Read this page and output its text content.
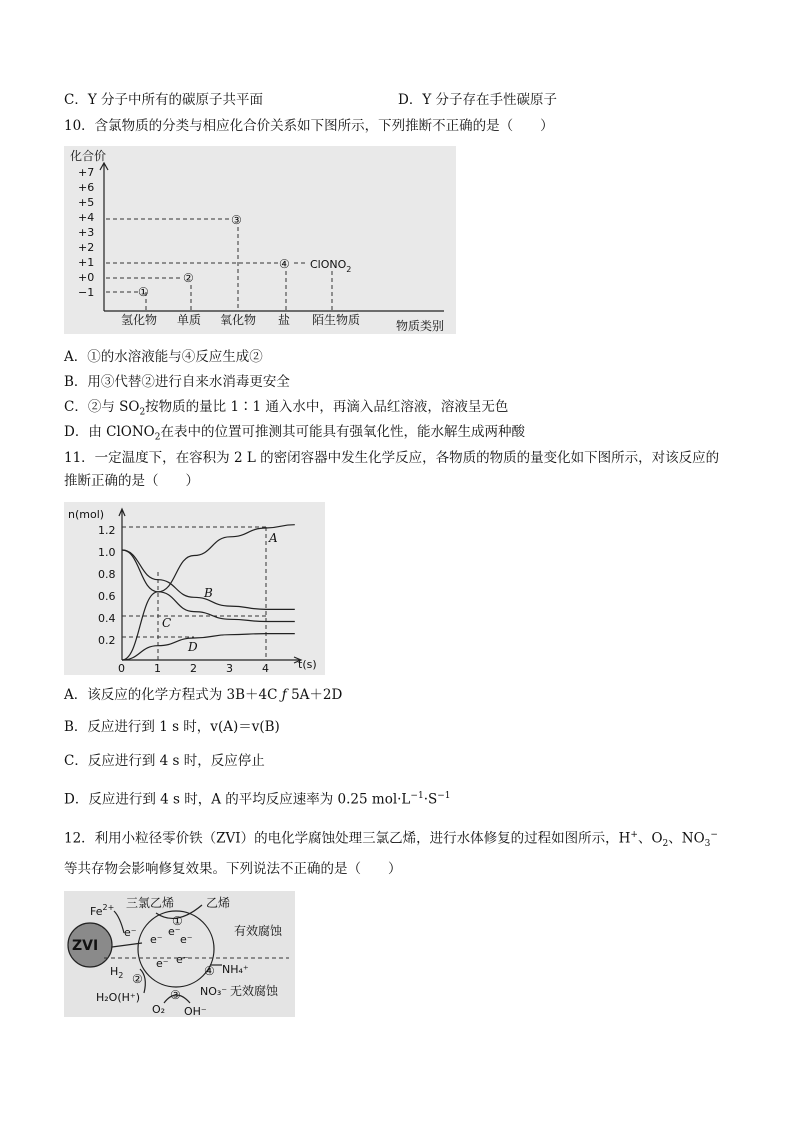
C．Y 分子中所有的碳原子共平面	D．Y 分子存在手性碳原子
10．含氯物质的分类与相应化合价关系如下图所示，下列推断不正确的是（　　）
化合价
+7
+6
+5
+4
+3
+2
+1
+0
−1	①
②
③
④ ClONO$_2$
氢化物 单质 氧化物 盐 陌生物质	物质类别
A．①的水溶液能与④反应生成②
B．用③代替②进行自来水消毒更安全
C．②与 $SO_2$按物质的量比 1∶1 通入水中，再滴入品红溶液，溶液呈无色
D．由 ClONO$_2$在表中的位置可推测其可能具有强氧化性，能水解生成两种酸
11．一定温度下，在容积为 2 L 的密闭容器中发生化学反应，各物质的物质的量变化如下图所示，对该反应的
推断正确的是（　　）
n(mol)
t(s)
1.2
1.0
0.8
0.6
0.4
0.2
0	1	2	3	4
A
B
C
D
A．该反应的化学方程式为 3B＋4C ƒ 5A＋2D
B．反应进行到 1 s 时，v(A)＝v(B)
C．反应进行到 4 s 时，反应停止
D．反应进行到 4 s 时，A 的平均反应速率为 0.25 $mol\cdot L^{-1}\cdot S^{-1}$
12．利用小粒径零价铁（ZVI）的电化学腐蚀处理三氯乙烯，进行水体修复的过程如图所示，H+、$O_2$、$NO_3^-$
等共存物会影响修复效果。下列说法不正确的是（　　）
ZVI
$Fe^{2+}$
e⁻
三氯乙烯	乙烯
①
有效腐蚀
e⁻
e⁻
e⁻
e⁻ e⁻
$H_2$ ②
H₂O(H⁺)	③
O₂ OH⁻
④ NH₄⁺
NO₃⁻ 无效腐蚀
